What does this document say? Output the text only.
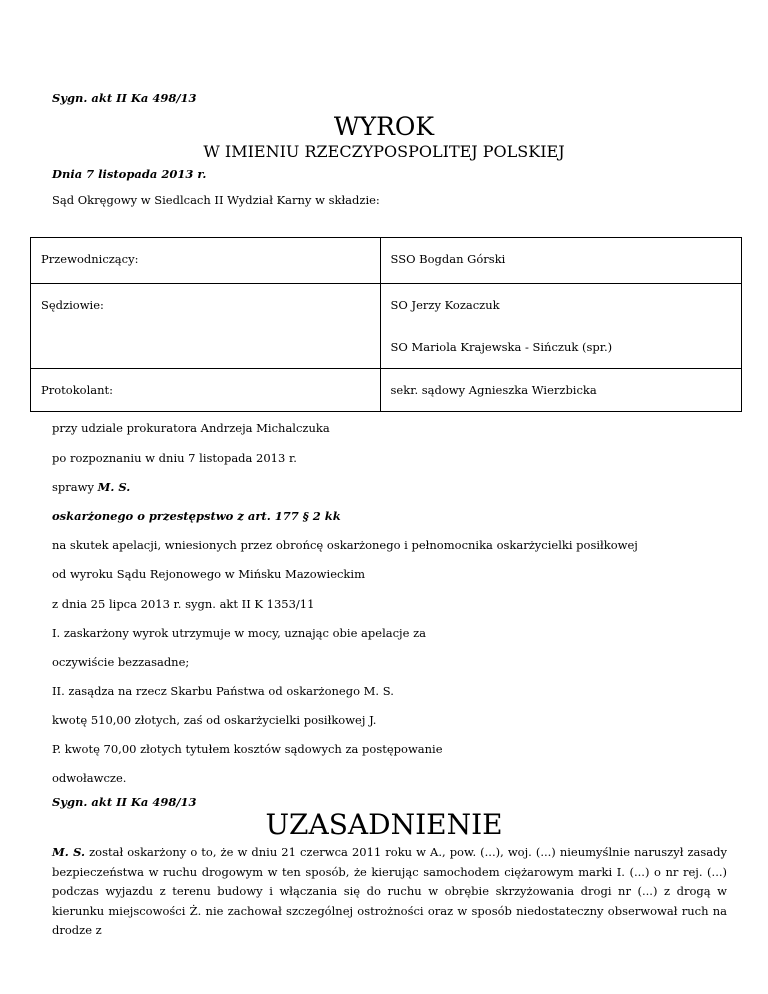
Sygn. akt II Ka 498/13
WYROK
W IMIENIU RZECZYPOSPOLITEJ POLSKIEJ
Dnia 7 listopada 2013 r.
Sąd Okręgowy w Siedlcach II Wydział Karny w składzie:
Przewodniczący:	SSO Bogdan Górski

Sędziowie:	SO Jerzy Kozaczuk
SO Mariola Krajewska - Sińczuk (spr.)

Protokolant:	sekr. sądowy Agnieszka Wierzbicka
przy udziale prokuratora Andrzeja Michalczuka
po rozpoznaniu w dniu 7 listopada 2013 r.
sprawy M. S.
oskarżonego o przestępstwo z art. 177 § 2 kk
na skutek apelacji, wniesionych przez obrońcę oskarżonego i pełnomocnika oskarżycielki posiłkowej
od wyroku Sądu Rejonowego w Mińsku Mazowieckim
z dnia 25 lipca 2013 r. sygn. akt II K 1353/11
I. zaskarżony wyrok utrzymuje w mocy, uznając obie apelacje za
oczywiście bezzasadne;
II. zasądza na rzecz Skarbu Państwa od oskarżonego M. S.
kwotę 510,00 złotych, zaś od oskarżycielki posiłkowej J.
P. kwotę 70,00 złotych tytułem kosztów sądowych za postępowanie
odwoławcze.
Sygn. akt II Ka 498/13
UZASADNIENIE
M. S. został oskarżony o to, że w dniu 21 czerwca 2011 roku w A., pow. (...), woj. (...) nieumyślnie naruszył zasady bezpieczeństwa w ruchu drogowym w ten sposób, że kierując samochodem ciężarowym marki I. (...) o nr rej. (...) podczas wyjazdu z terenu budowy i włączania się do ruchu w obrębie skrzyżowania drogi nr (...) z drogą w kierunku miejscowości Ż. nie zachował szczególnej ostrożności oraz w sposób niedostateczny obserwował ruch na drodze z
